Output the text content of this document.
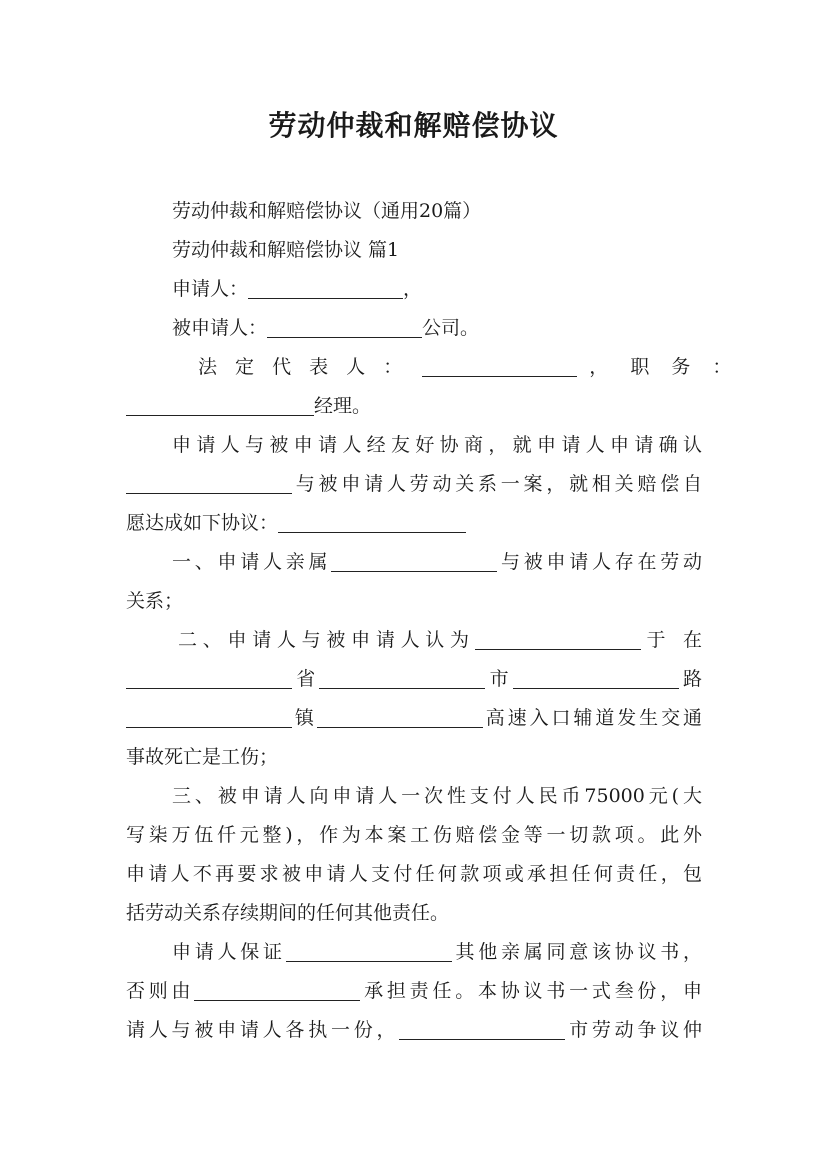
劳动仲裁和解赔偿协议
劳动仲裁和解赔偿协议（通用20篇）
劳动仲裁和解赔偿协议 篇1
申请人：	，
被申请人：	公司。
法 定 代 表 人 ：	， 职 务 ：
经理。
申请人与被申请人经友好协商，就申请人申请确认
与被申请人劳动关系一案，就相关赔偿自
愿达成如下协议：
一、申请人亲属	与被申请人存在劳动
关系；
二、申请人与被申请人认为	于 在
省	市	路
镇	高速入口辅道发生交通
事故死亡是工伤；
三、被申请人向申请人一次性支付人民币75000元(大
写柒万伍仟元整)，作为本案工伤赔偿金等一切款项。此外
申请人不再要求被申请人支付任何款项或承担任何责任，包
括劳动关系存续期间的任何其他责任。
申请人保证	其他亲属同意该协议书，
否则由	承担责任。本协议书一式叁份，申
请人与被申请人各执一份，	市劳动争议仲
